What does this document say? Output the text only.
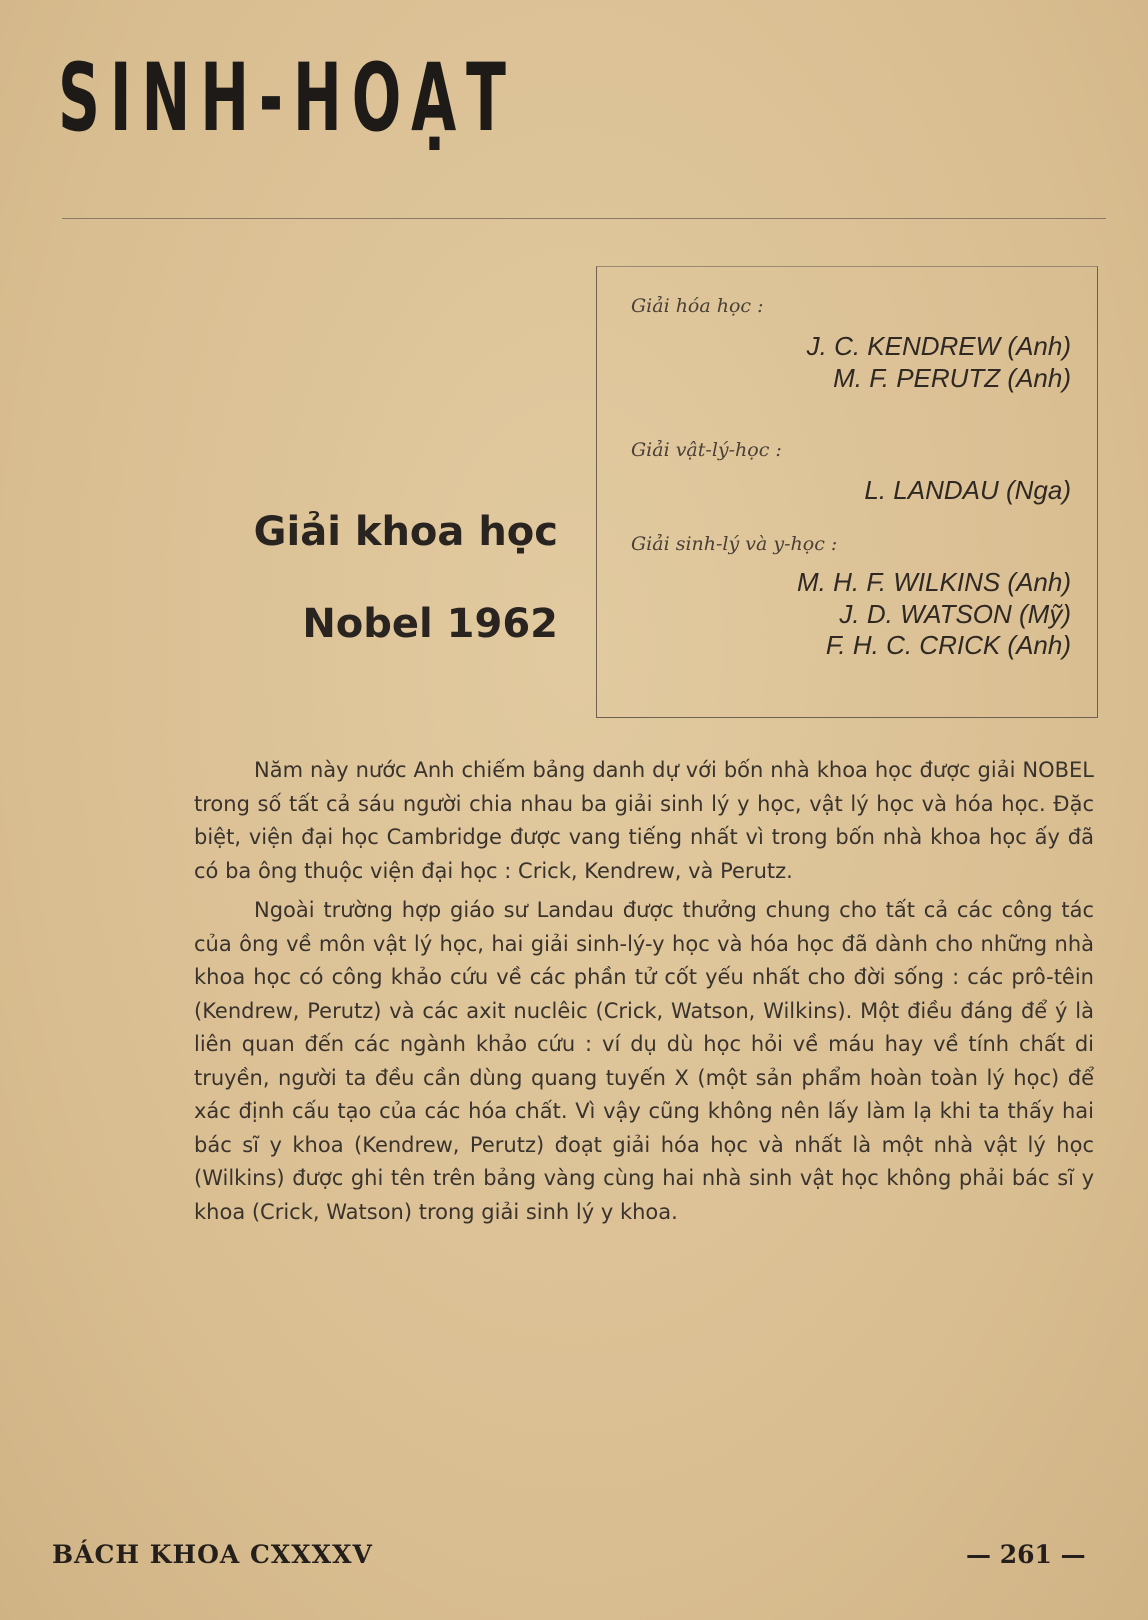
SINH-HOẠT
Giải khoa học
Nobel 1962

Giải hóa học :

J. C. KENDREW (Anh)

M. F. PERUTZ (Anh)

Giải vật-lý-học :

L. LANDAU (Nga)

Giải sinh-lý và y-học :

M. H. F. WILKINS (Anh)

J. D. WATSON (Mỹ)

F. H. C. CRICK (Anh)

Năm này nước Anh chiếm bảng danh dự với bốn nhà khoa học được giải NOBEL trong số tất cả sáu người chia nhau ba giải sinh lý y học, vật lý học và hóa học. Đặc biệt, viện đại học Cambridge được vang tiếng nhất vì trong bốn nhà khoa học ấy đã có ba ông thuộc viện đại học : Crick, Kendrew, và Perutz.

Ngoài trường hợp giáo sư Landau được thưởng chung cho tất cả các công tác của ông về môn vật lý học, hai giải sinh-lý-y học và hóa học đã dành cho những nhà khoa học có công khảo cứu về các phần tử cốt yếu nhất cho đời sống : các prô-têin (Kendrew, Perutz) và các axit nuclêic (Crick, Watson, Wilkins). Một điều đáng để ý là liên quan đến các ngành khảo cứu : ví dụ dù học hỏi về máu hay về tính chất di truyền, người ta đều cần dùng quang tuyến X (một sản phẩm hoàn toàn lý học) để xác định cấu tạo của các hóa chất. Vì vậy cũng không nên lấy làm lạ khi ta thấy hai bác sĩ y khoa (Kendrew, Perutz) đoạt giải hóa học và nhất là một nhà vật lý học (Wilkins) được ghi tên trên bảng vàng cùng hai nhà sinh vật học không phải bác sĩ y khoa (Crick, Watson) trong giải sinh lý y khoa.

BÁCH KHOA CXXXXV	— 261 —
